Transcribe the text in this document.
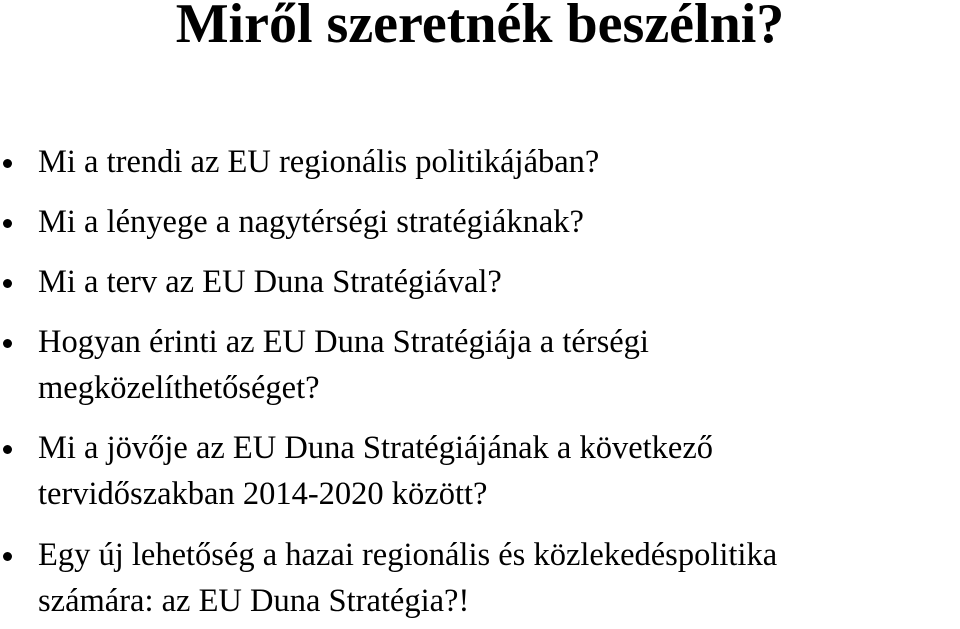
Miről szeretnék beszélni?
Mi a trendi az EU regionális politikájában?
Mi a lényege a nagytérségi stratégiáknak?
Mi a terv az EU Duna Stratégiával?
Hogyan érinti az EU Duna Stratégiája a térségi
megközelíthetőséget?
Mi a jövője az EU Duna Stratégiájának a következő
tervidőszakban 2014-2020 között?
Egy új lehetőség a hazai regionális és közlekedéspolitika
számára: az EU Duna Stratégia?!
